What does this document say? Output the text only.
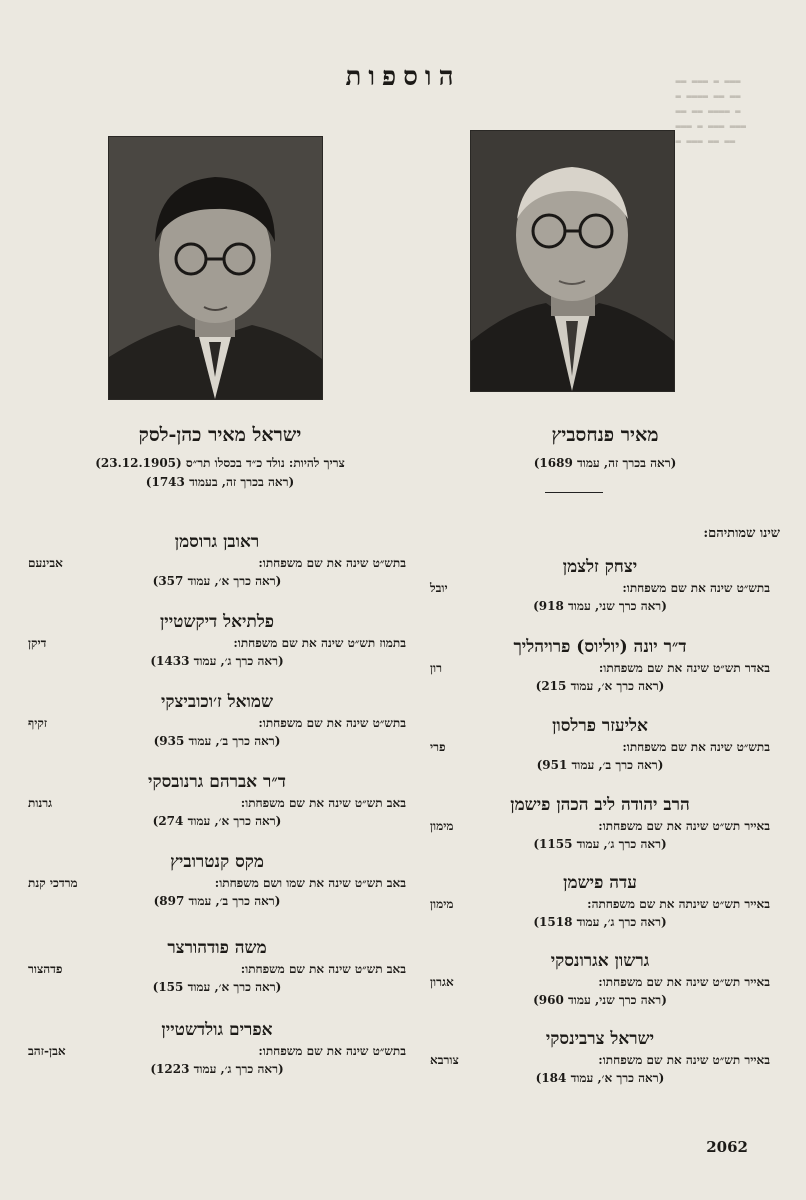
▬▬ ▬▬▬ ▬ ▬▬▬
▬ ▬▬▬▬ ▬▬ ▬▬
▬▬ ▬▬ ▬▬▬▬ ▬
▬▬▬ ▬ ▬▬▬ ▬▬▬
▬ ▬▬▬ ▬▬ ▬▬
הוספות
מאיר פנחסביץ
(ראה בכרך זה, עמוד 1689)
ישראל מאיר כהן-לסק
צריך להיות: נולד כ״ד בכסלו תר״ס (23.12.1905)
(ראה בכרך זה, בעמוד 1743)
שינו שמותיהם:
יצחק זלצמן
בתש״ט שינה את שם משפחתו:
יובל
(ראה כרך שני, עמוד 918)
ד״ר יונה (יוליוס) פרויהליך
באדר תש״ט שינה את שם משפחתו:
רון
(ראה כרך א׳, עמוד 215)
אליעזר פרלסון
בתש״ט שינה את שם משפחתו:
פרי
(ראה כרך ב׳, עמוד 951)
הרב יהודה ליב הכהן פישמן
באייר תש״ט שינה את שם משפחתו:
מימון
(ראה כרך ג׳, עמוד 1155)
עדה פישמן
באייר תש״ט שינתה את שם משפחתה:
מימון
(ראה כרך ג׳, עמוד 1518)
גרשון אגרונסקי
באייר תש״ט שינה את שם משפחתו:
אגרון
(ראה כרך שני, עמוד 960)
ישראל צרבינסקי
באייר תש״ט שינה את שם משפחתו:
צורבא
(ראה כרך א׳, עמוד 184)
ראובן גרוסמן
בתש״ט שינה את שם משפחתו:
אבינעם
(ראה כרך א׳, עמוד 357)
פלתיאל דיקשטיין
בתמוז תש״ט שינה את שם משפחתו:
דיקן
(ראה כרך ג׳, עמוד 1433)
שמואל ז׳וכוביצקי
בתש״ט שינה את שם משפחתו:
זקיף
(ראה כרך ב׳, עמוד 935)
ד״ר אברהם גרנובסקי
באב תש״ט שינה את שם משפחתו:
גרנות
(ראה כרך א׳, עמוד 274)
מקס קנטרוביץ
באב תש״ט שינה את שמו ושם משפחתו:
מרדכי קנת
(ראה כרך ב׳, עמוד 897)
משה פודהורצר
באב תש״ט שינה את שם משפחתו:
פדהצור
(ראה כרך א׳, עמוד 155)
אפרים גולדשטיין
בתש״ט שינה את שם משפחתו:
אבן-זהב
(ראה כרך ג׳, עמוד 1223)
2062
